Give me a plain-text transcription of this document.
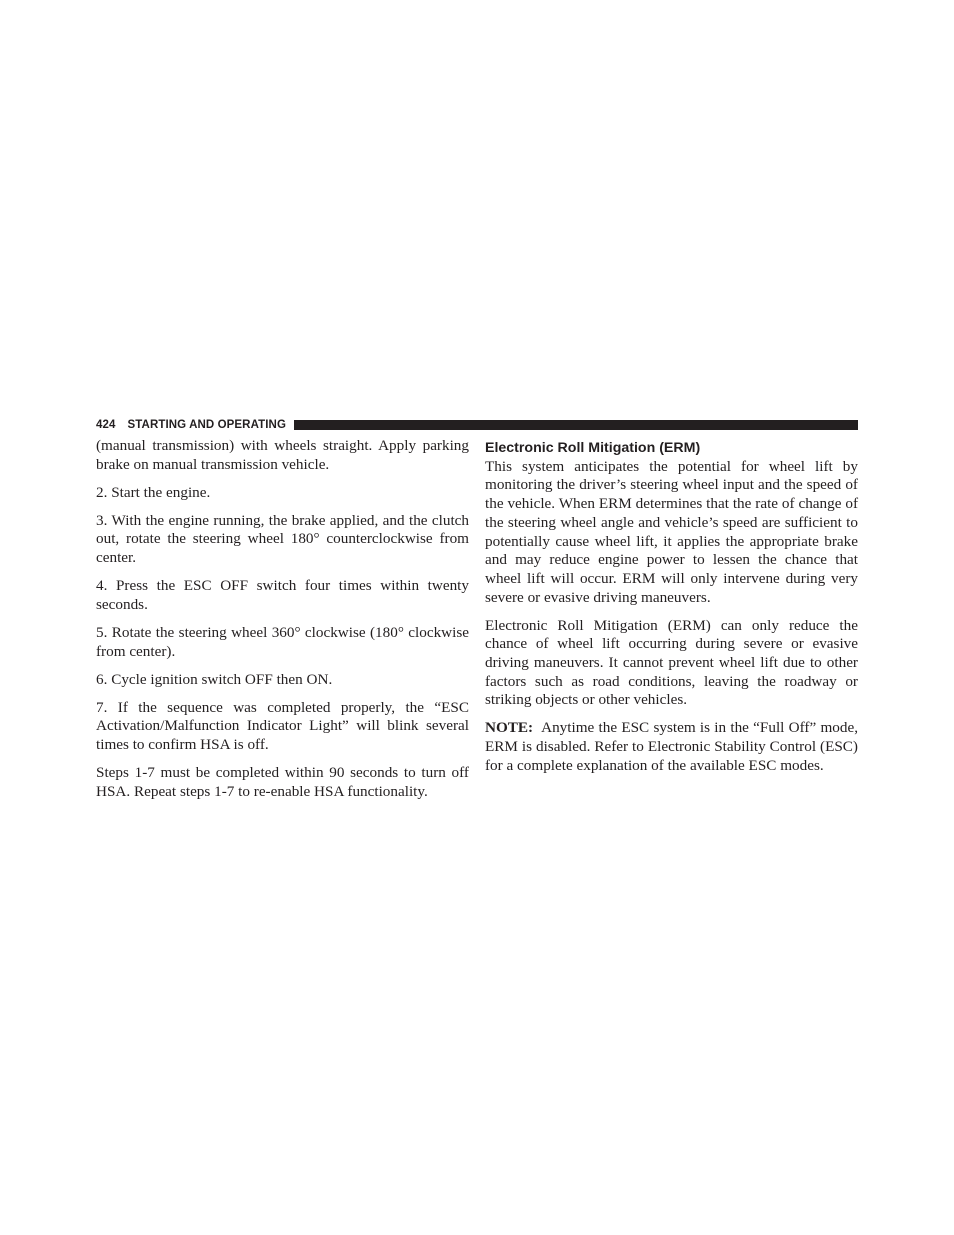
424 STARTING AND OPERATING

(manual transmission) with wheels straight. Apply parking brake on manual transmission vehicle.

2. Start the engine.

3. With the engine running, the brake applied, and the clutch out, rotate the steering wheel 180° counterclockwise from center.

4. Press the ESC OFF switch four times within twenty seconds.

5. Rotate the steering wheel 360° clockwise (180° clockwise from center).

6. Cycle ignition switch OFF then ON.

7. If the sequence was completed properly, the “ESC Activation/Malfunction Indicator Light” will blink several times to confirm HSA is off.

Steps 1-7 must be completed within 90 seconds to turn off HSA. Repeat steps 1-7 to re-enable HSA functionality.

Electronic Roll Mitigation (ERM)

This system anticipates the potential for wheel lift by monitoring the driver’s steering wheel input and the speed of the vehicle. When ERM determines that the rate of change of the steering wheel angle and vehicle’s speed are sufficient to potentially cause wheel lift, it applies the appropriate brake and may reduce engine power to lessen the chance that wheel lift will occur. ERM will only intervene during very severe or evasive driving maneuvers.

Electronic Roll Mitigation (ERM) can only reduce the chance of wheel lift occurring during severe or evasive driving maneuvers. It cannot prevent wheel lift due to other factors such as road conditions, leaving the roadway or striking objects or other vehicles.

NOTE: Anytime the ESC system is in the “Full Off” mode, ERM is disabled. Refer to Electronic Stability Control (ESC) for a complete explanation of the available ESC modes.
